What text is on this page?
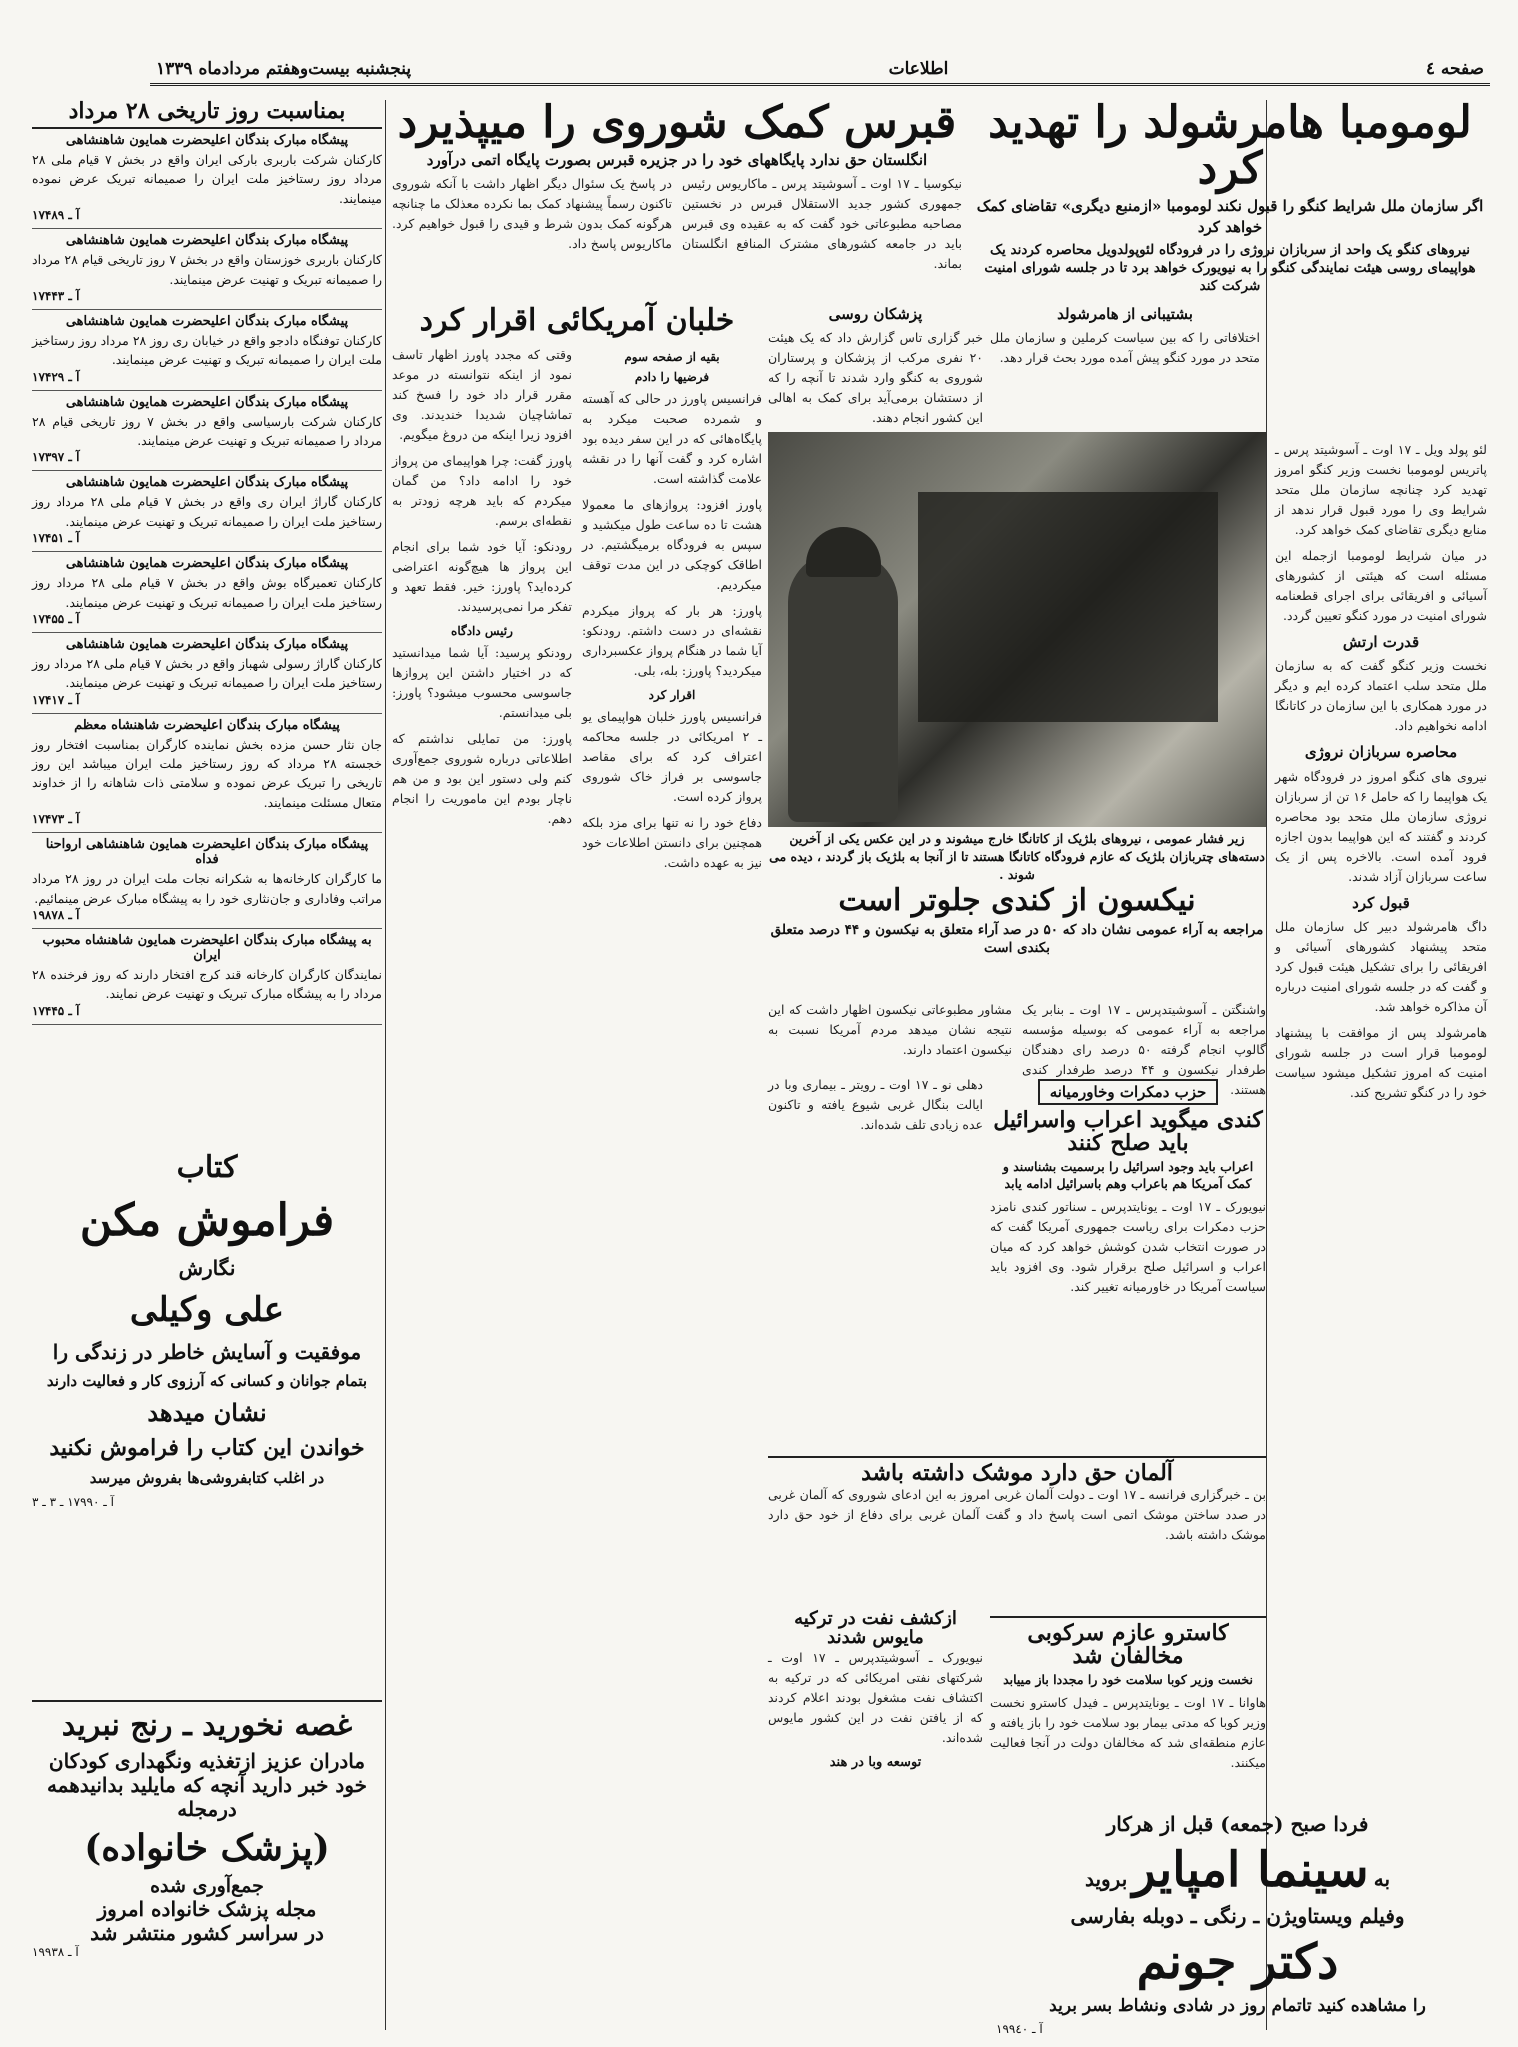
صفحه ٤
اطلاعات
پنجشنبه بیست‌وهفتم مردادماه ۱۳۳۹
لومومبا هامرشولد را تهدید کرد

اگر سازمان ملل شرایط کنگو را قبول نکند لومومبا «ازمنبع دیگری» تقاضای کمک خواهد کرد

نیروهای کنگو یک واحد از سربازان نروژی را در فرودگاه لئوپولدویل محاصره کردند یک هواپیمای روسی هیئت نمایندگی کنگو را به نیویورک خواهد برد تا در جلسه شورای امنیت شرکت کند

لئو پولد ویل ـ ۱۷ اوت ـ آسوشیتد پرس ـ پاتریس لومومبا نخست وزیر کنگو امروز تهدید کرد چنانچه سازمان ملل متحد شرایط وی را مورد قبول قرار ندهد از منابع دیگری تقاضای کمک خواهد کرد.

در میان شرایط لومومبا ازجمله این مسئله است که هیئتی از کشورهای آسیائی و افریقائی برای اجرای قطعنامه شورای امنیت در مورد کنگو تعیین گردد.

قدرت ارتش

نخست وزیر کنگو گفت که به سازمان ملل متحد سلب اعتماد کرده ایم و دیگر در مورد همکاری با این سازمان در کاتانگا ادامه نخواهیم داد.

محاصره سربازان نروژی

نیروی های کنگو امروز در فرودگاه شهر یک هواپیما را که حامل ۱۶ تن از سربازان نروژی سازمان ملل متحد بود محاصره کردند و گفتند که این هواپیما بدون اجازه فرود آمده است. بالاخره پس از یک ساعت سربازان آزاد شدند.

قبول کرد

داگ هامرشولد دبیر کل سازمان ملل متحد پیشنهاد کشورهای آسیائی و افریقائی را برای تشکیل هیئت قبول کرد و گفت که در جلسه شورای امنیت درباره آن مذاکره خواهد شد.

هامرشولد پس از موافقت با پیشنهاد لومومبا قرار است در جلسه شورای امنیت که امروز تشکیل میشود سیاست خود را در کنگو تشریح کند.

بشتیبانی از هامرشولد

اختلافاتی را که بین سیاست کرملین و سازمان ملل متحد در مورد کنگو پیش آمده مورد بحث قرار دهد.

پزشکان روسی

خبر گزاری تاس گزارش داد که یک هیئت ۲۰ نفری مرکب از پزشکان و پرستاران شوروی به کنگو وارد شدند تا آنچه را که از دستشان برمی‌آید برای کمک به اهالی این کشور انجام دهند.

قبرس کمک شوروی را میپذیرد

انگلستان حق ندارد پایگاههای خود را در جزیره قبرس بصورت پایگاه اتمی درآورد

نیکوسیا ـ ۱۷ اوت ـ آسوشیتد پرس ـ ماکاریوس رئیس جمهوری کشور جدید الاستقلال قبرس در نخستین مصاحبه مطبوعاتی خود گفت که به عقیده وی قبرس باید در جامعه کشورهای مشترک المنافع انگلستان بماند.

در پاسخ یک سئوال دیگر اظهار داشت با آنکه شوروی تاکنون رسماً پیشنهاد کمک بما نکرده معذلک ما چنانچه هرگونه کمک بدون شرط و قیدی را قبول خواهیم کرد. ماکاریوس پاسخ داد.

زیر فشار عمومی ، نیروهای بلژیک از کاتانگا خارج میشوند و در این عکس یکی از آخرین دسته‌های چتربازان بلژیک که عازم فرودگاه کاتانگا هستند تا از آنجا به بلژیک باز گردند ، دیده می شوند .
خلبان آمریکائی اقرار کرد

بقیه از صفحه سوم

فرضیها را دادم

فرانسیس پاورز در حالی که آهسته و شمرده صحبت میکرد به پایگاه‌هائی که در این سفر دیده بود اشاره کرد و گفت آنها را در نقشه علامت گذاشته است.

پاورز افزود: پروازهای ما معمولا هشت تا ده ساعت طول میکشید و سپس به فرودگاه برمیگشتیم. در اطاقک کوچکی در این مدت توقف میکردیم.

پاورز: هر بار که پرواز میکردم نقشه‌ای در دست داشتم. رودنکو: آیا شما در هنگام پرواز عکسبرداری میکردید؟ پاورز: بله، بلی.

اقرار کرد

فرانسیس پاورز خلبان هواپیمای یو ـ ۲ امریکائی در جلسه محاکمه اعتراف کرد که برای مقاصد جاسوسی بر فراز خاک شوروی پرواز کرده است.

دفاع خود را نه تنها برای مزد بلکه همچنین برای دانستن اطلاعات خود نیز به عهده داشت.

وقتی که مجدد پاورز اظهار تاسف نمود از اینکه نتوانسته در موعد مقرر قرار داد خود را فسخ کند تماشاچیان شدیدا خندیدند. وی افزود زیرا اینکه من دروغ میگویم.

پاورز گفت: چرا هواپیمای من پرواز خود را ادامه داد؟ من گمان میکردم که باید هرچه زودتر به نقطه‌ای برسم.

رودنکو: آیا خود شما برای انجام این پرواز ها هیچ‌گونه اعتراضی کرده‌اید؟ پاورز: خیر. فقط تعهد و تفکر مرا نمی‌پرسیدند.

رئیس دادگاه

رودنکو پرسید: آیا شما میدانستید که در اختیار داشتن این پروازها جاسوسی محسوب میشود؟ پاورز: بلی میدانستم.

پاورز: من تمایلی نداشتم که اطلاعاتی درباره شوروی جمع‌آوری کنم ولی دستور این بود و من هم ناچار بودم این ماموریت را انجام دهم.

نیکسون از کندی جلوتر است

مراجعه به آراء عمومی نشان داد که ۵۰ در صد آراء متعلق به نیکسون و ۴۴ درصد متعلق بکندی است

واشنگتن ـ آسوشیتدپرس ـ ۱۷ اوت ـ بنابر یک مراجعه به آراء عمومی که بوسیله مؤسسه گالوپ انجام گرفته ۵۰ درصد رای دهندگان طرفدار نیکسون و ۴۴ درصد طرفدار کندی هستند.

مشاور مطبوعاتی نیکسون اظهار داشت که این نتیجه نشان میدهد مردم آمریکا نسبت به نیکسون اعتماد دارند.

حزب دمکرات وخاورمیانه
کندی میگوید اعراب واسرائیل باید صلح کنند

اعراب باید وجود اسرائیل را برسمیت بشناسند و کمک آمریکا هم باعراب وهم باسرائیل ادامه یابد

نیویورک ـ ۱۷ اوت ـ یونایتدپرس ـ سناتور کندی نامزد حزب دمکرات برای ریاست جمهوری آمریکا گفت که در صورت انتخاب شدن کوشش خواهد کرد که میان اعراب و اسرائیل صلح برقرار شود. وی افزود باید سیاست آمریکا در خاورمیانه تغییر کند.

دهلی نو ـ ۱۷ اوت ـ رویتر ـ بیماری وبا در ایالت بنگال غربی شیوع یافته و تاکنون عده زیادی تلف شده‌اند.

آلمان حق دارد موشک داشته باشد

بن ـ خبرگزاری فرانسه ـ ۱۷ اوت ـ دولت آلمان غربی امروز به این ادعای شوروی که آلمان غربی در صدد ساختن موشک اتمی است پاسخ داد و گفت آلمان غربی برای دفاع از خود حق دارد موشک داشته باشد.

کاسترو عازم سرکوبی مخالفان شد

نخست وزیر کوبا سلامت خود را مجددا باز مییابد

هاوانا ـ ۱۷ اوت ـ یونایتدپرس ـ فیدل کاسترو نخست وزیر کوبا که مدتی بیمار بود سلامت خود را باز یافته و عازم منطقه‌ای شد که مخالفان دولت در آنجا فعالیت میکنند.

ازکشف نفت در ترکیه مایوس شدند

نیویورک ـ آسوشیتدپرس ـ ۱۷ اوت ـ شرکتهای نفتی امریکائی که در ترکیه به اکتشاف نفت مشغول بودند اعلام کردند که از یافتن نفت در این کشور مایوس شده‌اند.

توسعه وبا در هند

فردا صبح (جمعه) قبل از هرکار
به سینما امپایر بروید
وفیلم ویستاویژن ـ رنگی ـ دوبله بفارسی
دکتر جونم
را مشاهده کنید تاتمام روز در شادی ونشاط بسر برید
آ ـ ۱۹۹٤٠
بمناسبت روز تاریخی ۲۸ مرداد

پیشگاه مبارک بندگان اعلیحضرت همایون شاهنشاهی

کارکنان شرکت باربری بارکی ایران واقع در بخش ۷ قیام ملی ۲۸ مرداد روز رستاخیز ملت ایران را صمیمانه تبریک عرض نموده مینمایند.

آ ـ ۱۷۴۸۹

پیشگاه مبارک بندگان اعلیحضرت همایون شاهنشاهی

کارکنان باربری خوزستان واقع در بخش ۷ روز تاریخی قیام ۲۸ مرداد را صمیمانه تبریک و تهنیت عرض مینمایند.

آ ـ ۱۷۴۴۳

پیشگاه مبارک بندگان اعلیحضرت همایون شاهنشاهی

کارکنان توفنگاه دادجو واقع در خیابان ری روز ۲۸ مرداد روز رستاخیز ملت ایران را صمیمانه تبریک و تهنیت عرض مینمایند.

آ ـ ۱۷۴۲۹

پیشگاه مبارک بندگان اعلیحضرت همایون شاهنشاهی

کارکنان شرکت بارسیاسی واقع در بخش ۷ روز تاریخی قیام ۲۸ مرداد را صمیمانه تبریک و تهنیت عرض مینمایند.

آ ـ ۱۷۳۹۷

پیشگاه مبارک بندگان اعلیحضرت همایون شاهنشاهی

کارکنان گاراژ ایران ری واقع در بخش ۷ قیام ملی ۲۸ مرداد روز رستاخیز ملت ایران را صمیمانه تبریک و تهنیت عرض مینمایند.

آ ـ ۱۷۴۵۱

پیشگاه مبارک بندگان اعلیحضرت همایون شاهنشاهی

کارکنان تعمیرگاه بوش واقع در بخش ۷ قیام ملی ۲۸ مرداد روز رستاخیز ملت ایران را صمیمانه تبریک و تهنیت عرض مینمایند.

آ ـ ۱۷۴۵۵

پیشگاه مبارک بندگان اعلیحضرت همایون شاهنشاهی

کارکنان گاراژ رسولی شهباز واقع در بخش ۷ قیام ملی ۲۸ مرداد روز رستاخیز ملت ایران را صمیمانه تبریک و تهنیت عرض مینمایند.

آ ـ ۱۷۴۱۷

پیشگاه مبارک بندگان اعلیحضرت شاهنشاه معظم

جان نثار حسن مزده بخش نماینده کارگران بمناسبت افتخار روز خجسته ۲۸ مرداد که روز رستاخیز ملت ایران میباشد این روز تاریخی را تبریک عرض نموده و سلامتی ذات شاهانه را از خداوند متعال مسئلت مینمایند.

آ ـ ۱۷۴۷۳

پیشگاه مبارک بندگان اعلیحضرت همایون شاهنشاهی ارواحنا فداه

ما کارگران کارخانه‌ها به شکرانه نجات ملت ایران در روز ۲۸ مرداد مراتب وفاداری و جان‌نثاری خود را به پیشگاه مبارک عرض مینمائیم.

آ ـ ۱۹۸۷۸

به پیشگاه مبارک بندگان اعلیحضرت همایون شاهنشاه محبوب ایران

نمایندگان کارگران کارخانه قند کرج افتخار دارند که روز فرخنده ۲۸ مرداد را به پیشگاه مبارک تبریک و تهنیت عرض نمایند.

آ ـ ۱۷۴۴۵

کتاب
فراموش مکن
نگارش
علی وکیلی
موفقیت و آسایش خاطر در زندگی را
بتمام جوانان و کسانی که آرزوی کار و فعالیت دارند
نشان میدهد
خواندن این کتاب را فراموش نکنید
در اغلب کتابفروشی‌ها بفروش میرسد
آ ـ ۱۷۹۹۰ ـ ۳ ـ ۳
غصه نخورید ـ رنج نبرید
مادران عزیز ازتغذیه ونگهداری کودکان
خود خبر دارید آنچه که مایلید بدانیدهمه
درمجله
(پزشک خانواده)
جمع‌آوری شده
مجله پزشک خانواده امروز
در سراسر کشور منتشر شد
آ ـ ۱۹۹۳۸
